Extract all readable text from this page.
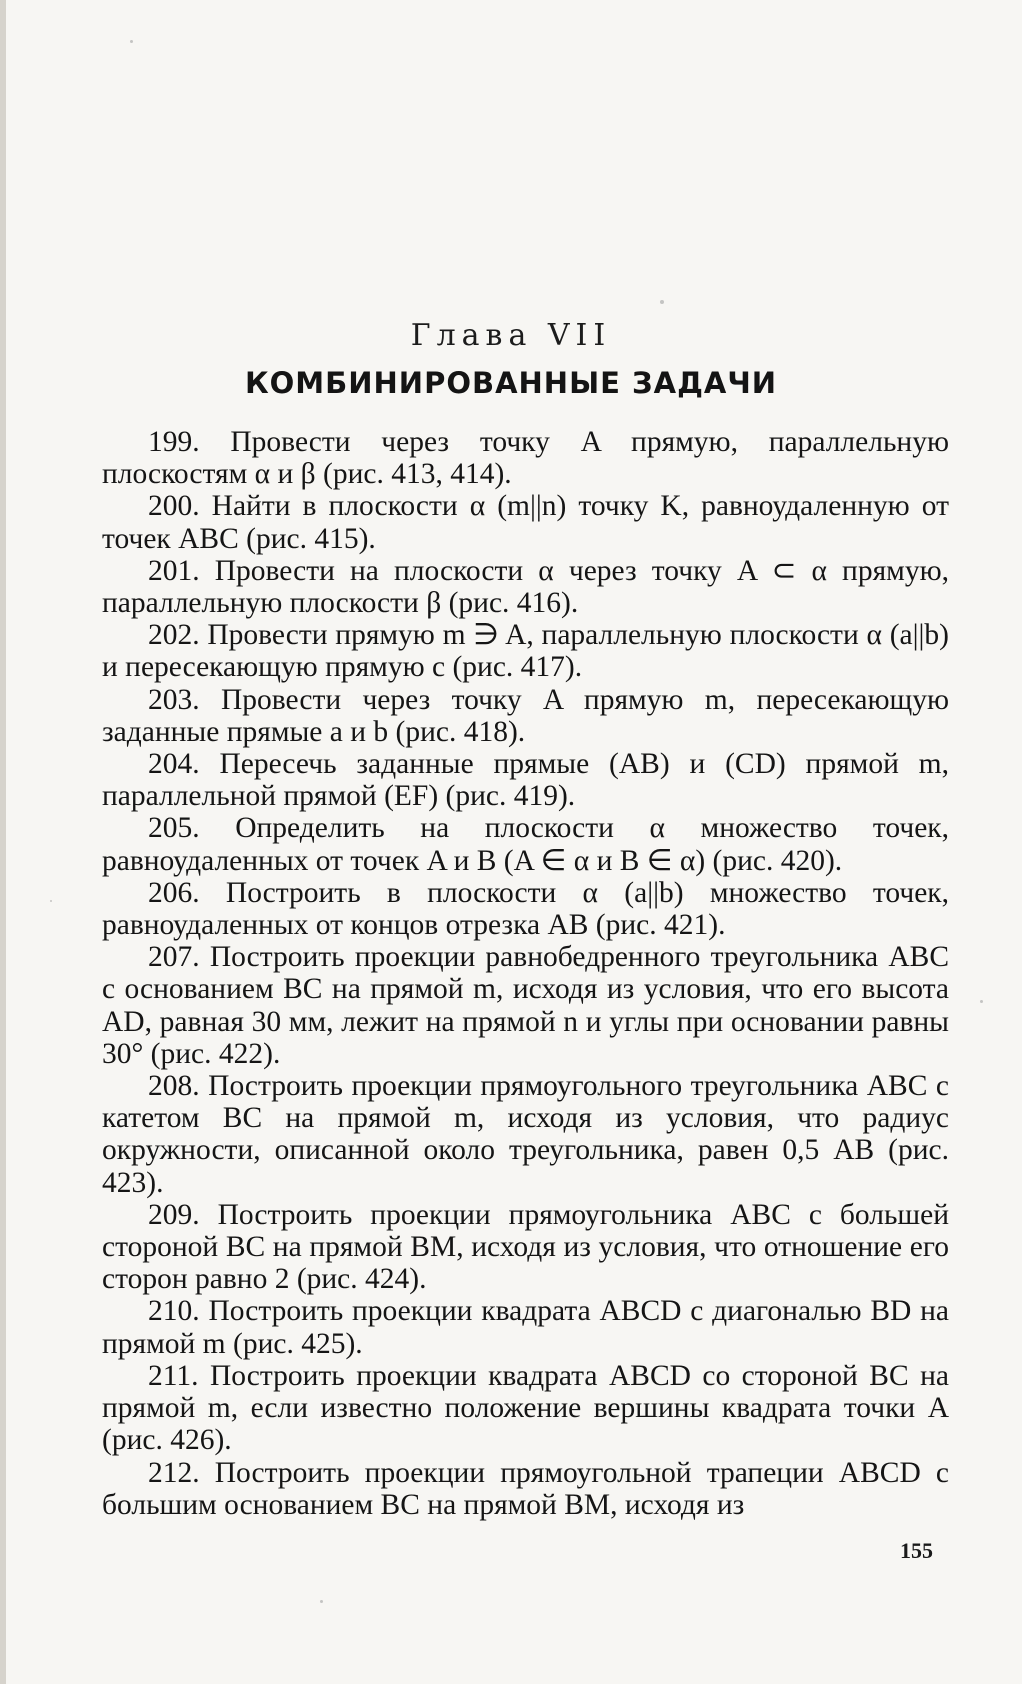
Глава VII
КОМБИНИРОВАННЫЕ ЗАДАЧИ

199. Провести через точку A прямую, параллельную плоскостям α и β (рис. 413, 414).

200. Найти в плоскости α (m||n) точку K, равноудаленную от точек ABC (рис. 415).

201. Провести на плоскости α через точку A ⊂ α прямую, параллельную плоскости β (рис. 416).

202. Провести прямую m ∋ A, параллельную плоскости α (a||b) и пересекающую прямую c (рис. 417).

203. Провести через точку A прямую m, пересекающую заданные прямые a и b (рис. 418).

204. Пересечь заданные прямые (AB) и (CD) прямой m, параллельной прямой (EF) (рис. 419).

205. Определить на плоскости α множество точек, равноудаленных от точек A и B (A ∈ α и B ∈ α) (рис. 420).

206. Построить в плоскости α (a||b) множество точек, равноудаленных от концов отрезка AB (рис. 421).

207. Построить проекции равнобедренного треугольника ABC с основанием BC на прямой m, исходя из условия, что его высота AD, равная 30 мм, лежит на прямой n и углы при основании равны 30° (рис. 422).

208. Построить проекции прямоугольного треугольника ABC с катетом BC на прямой m, исходя из условия, что радиус окружности, описанной около треугольника, равен 0,5 AB (рис. 423).

209. Построить проекции прямоугольника ABC с большей стороной BC на прямой BM, исходя из условия, что отношение его сторон равно 2 (рис. 424).

210. Построить проекции квадрата ABCD с диагональю BD на прямой m (рис. 425).

211. Построить проекции квадрата ABCD со стороной BC на прямой m, если известно положение вершины квадрата точки A (рис. 426).

212. Построить проекции прямоугольной трапеции ABCD с большим основанием BC на прямой BM, исходя из

155
